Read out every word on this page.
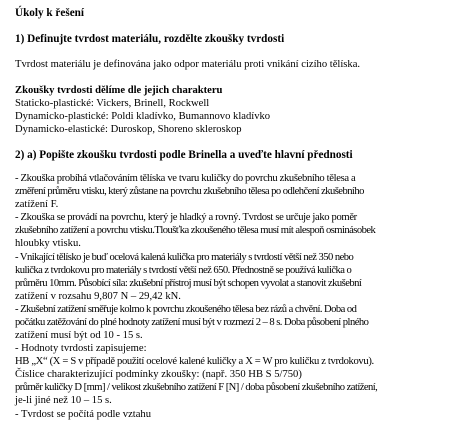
Úkoly k řešení
1) Definujte tvrdost materiálu, rozdělte zkoušky tvrdosti
Tvrdost materiálu je definována jako odpor materiálu proti vnikání cizího tělíska.
Zkoušky tvrdosti dělíme dle jejich charakteru
Staticko-plastické: Vickers, Brinell, Rockwell
Dynamicko-plastické: Poldi kladívko, Bumannovo kladívko
Dynamicko-elastické: Duroskop, Shoreno skleroskop
2) a) Popište zkoušku tvrdosti podle Brinella a uveďte hlavní přednosti
- Zkouška probíhá vtlačováním tělíska ve tvaru kuličky do povrchu zkušebního tělesa a
změření průměru vtisku, který zůstane na povrchu zkušebního tělesa po odlehčení zkušebního
zatížení F.
- Zkouška se provádí na povrchu, který je hladký a rovný. Tvrdost se určuje jako poměr
zkušebního zatížení a povrchu vtisku.Tloušťka zkoušeného tělesa musí mít alespoň osminásobek
hloubky vtisku.
- Vnikající tělísko je buď ocelová kalená kulička pro materiály s tvrdostí větší než 350 nebo
kulička z tvrdokovu pro materiály s tvrdostí větší než 650. Přednostně se používá kulička o
průměru 10mm. Působící síla: zkušební přístroj musí být schopen vyvolat a stanovit zkušební
zatížení v rozsahu 9,807 N – 29,42 kN.
- Zkušební zatížení směřuje kolmo k povrchu zkoušeného tělesa bez rázů a chvění. Doba od
počátku zatěžování do plné hodnoty zatížení musí být v rozmezí 2 – 8 s. Doba působení plného
zatížení musí být od 10 - 15 s.
- Hodnoty tvrdosti zapisujeme:
HB „X“ (X = S v případě použití ocelové kalené kuličky a X = W pro kuličku z tvrdokovu).
Číslice charakterizující podmínky zkoušky: (např. 350 HB S 5/750)
průměr kuličky D [mm] / velikost zkušebního zatížení F [N] / doba působení zkušebního zatížení,
je-li jiné než 10 – 15 s.
- Tvrdost se počítá podle vztahu
